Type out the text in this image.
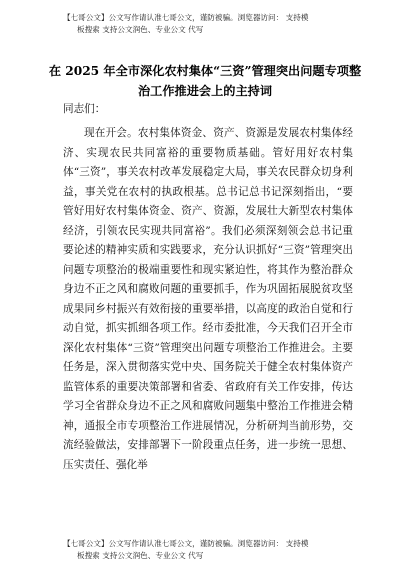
【七哥公文】公文写作请认准七哥公文，谨防被骗。浏览器访问： 支持模
板搜索 支持公文润色、专业公文 代写
在 2025 年全市深化农村集体“三资”管理突出问题专项整
治工作推进会上的主持词
同志们：

现在开会。农村集体资金、资产、资源是发展农村集体经济、实现农民共同富裕的重要物质基础。管好用好农村集体“三资”，事关农村改革发展稳定大局，事关农民群众切身利益，事关党在农村的执政根基。总书记总书记深刻指出，“要管好用好农村集体资金、资产、资源，发展壮大新型农村集体经济，引领农民实现共同富裕”。我们必须深刻领会总书记重要论述的精神实质和实践要求，充分认识抓好“三资”管理突出问题专项整治的极端重要性和现实紧迫性，将其作为整治群众身边不正之风和腐败问题的重要抓手，作为巩固拓展脱贫攻坚成果同乡村振兴有效衔接的重要举措，以高度的政治自觉和行动自觉，抓实抓细各项工作。经市委批准，今天我们召开全市深化农村集体“三资”管理突出问题专项整治工作推进会。主要任务是，深入贯彻落实党中央、国务院关于健全农村集体资产监管体系的重要决策部署和省委、省政府有关工作安排，传达学习全省群众身边不正之风和腐败问题集中整治工作推进会精神，通报全市专项整治工作进展情况，分析研判当前形势，交流经验做法，安排部署下一阶段重点任务，进一步统一思想、压实责任、强化举

【七哥公文】公文写作请认准七哥公文，谨防被骗。浏览器访问： 支持模
板搜索 支持公文润色、专业公文 代写
